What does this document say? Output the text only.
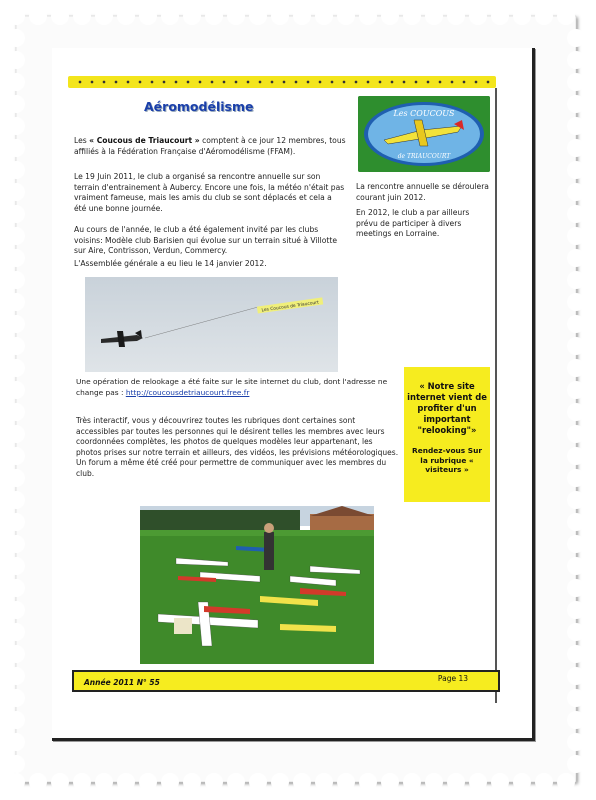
Aéromodélisme	Les COUCOUS
de TRIAUCOURT

Les « Coucous de Triaucourt » comptent à ce jour 12 membres, tous affiliés à la Fédération Française d'Aéromodélisme (FFAM).

Le 19 Juin 2011, le club a organisé sa rencontre annuelle sur son terrain d'entrainement à Aubercy. Encore une fois, la météo n'était pas vraiment fameuse, mais les amis du club se sont déplacés et cela a été une bonne journée.

Au cours de l'année, le club a été également invité par les clubs voisins: Modèle club Barisien qui évolue sur un terrain situé à Villotte sur Aire, Contrisson, Verdun, Commercy.

L'Assemblée générale a eu lieu le 14 janvier 2012.

La rencontre annuelle se déroulera courant juin 2012.

En 2012, le club a par ailleurs prévu de participer à divers meetings en Lorraine.

Les Coucous de Triaucourt

Une opération de relookage a été faite sur le site internet du club, dont l'adresse ne change pas : http://coucousdetriaucourt.free.fr

Très interactif, vous y découvrirez toutes les rubriques dont certaines sont accessibles par toutes les personnes qui le désirent telles les membres avec leurs coordonnées complètes, les photos de quelques modèles leur appartenant, les photos prises sur notre terrain et ailleurs, des vidéos, les prévisions météorologiques. Un forum a même été créé pour permettre de communiquer avec les membres du club.

« Notre site internet vient de profiter d'un important "relooking"»
Rendez-vous Sur la rubrique « visiteurs »
Année 2011 N° 55	Page 13
